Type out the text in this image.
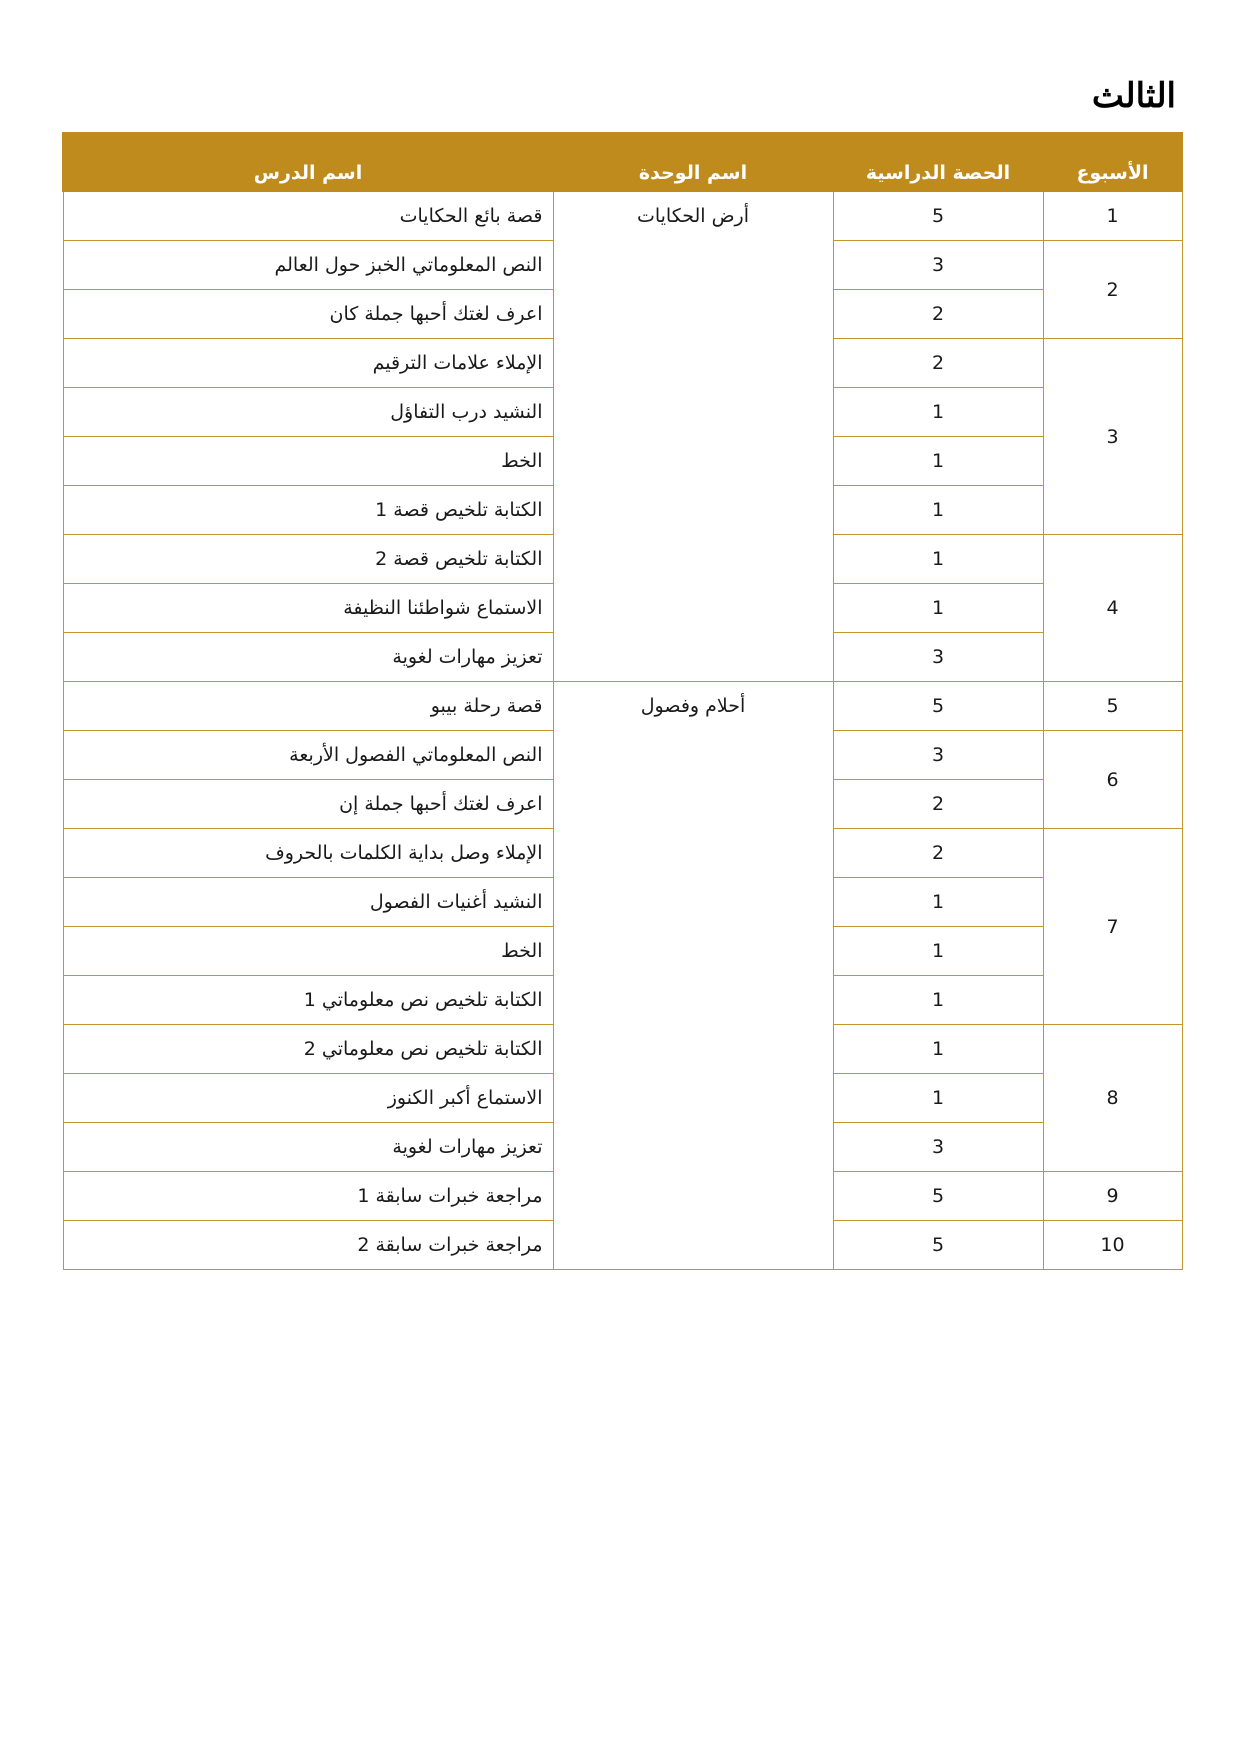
الثالث
الأسبوع	الحصة الدراسية	اسم الوحدة	اسم الدرس
1	5	أرض الحكايات	قصة بائع الحكايات
2	3		النص المعلوماتي الخبز حول العالم
	2		اعرف لغتك أحبها جملة كان
3	2		الإملاء علامات الترقيم
	1		النشيد درب التفاؤل
	1		الخط
	1		الكتابة تلخيص قصة 1
4	1		الكتابة تلخيص قصة 2
	1		الاستماع شواطئنا النظيفة
	3		تعزيز مهارات لغوية
5	5	أحلام وفصول	قصة رحلة بيبو
6	3		النص المعلوماتي الفصول الأربعة
	2		اعرف لغتك أحبها جملة إن
7	2		الإملاء وصل بداية الكلمات بالحروف
	1		النشيد أغنيات الفصول
	1		الخط
	1		الكتابة تلخيص نص معلوماتي 1
8	1		الكتابة تلخيص نص معلوماتي 2
	1		الاستماع أكبر الكنوز
	3		تعزيز مهارات لغوية
9	5		مراجعة خبرات سابقة 1
10	5		مراجعة خبرات سابقة 2
